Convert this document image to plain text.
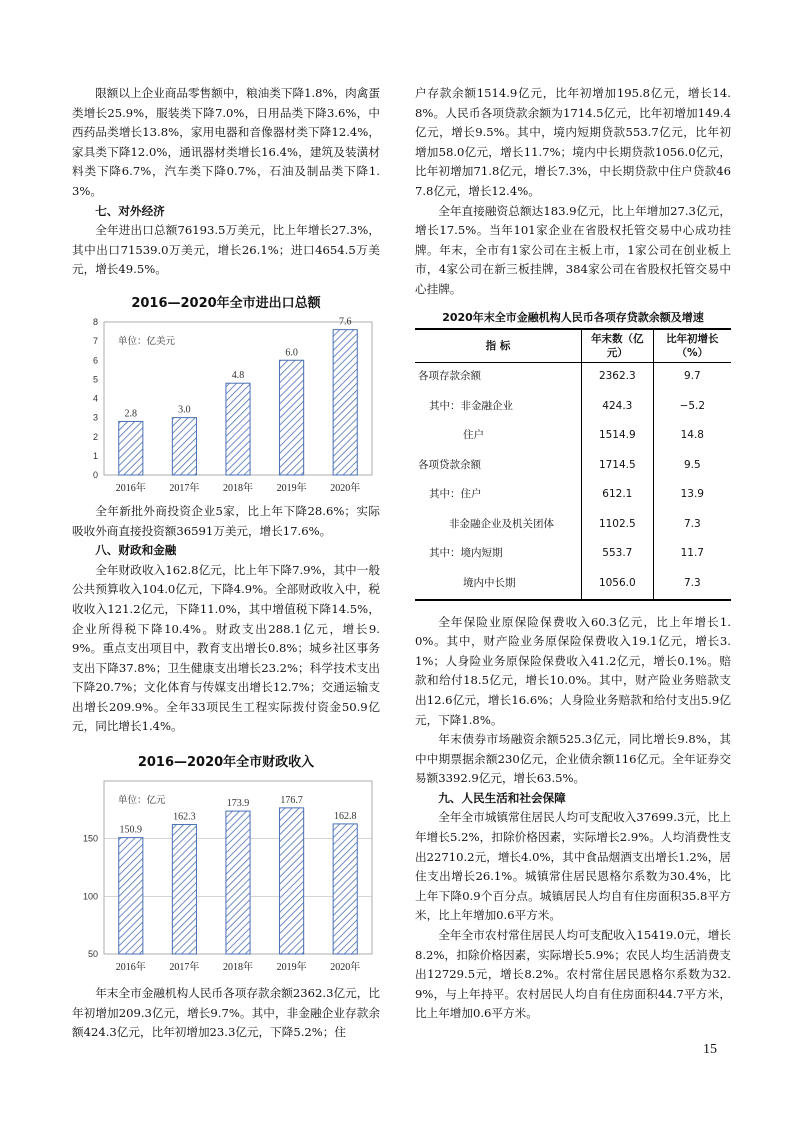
限额以上企业商品零售额中，粮油类下降1.8%，肉禽蛋类增长25.9%，服装类下降7.0%，日用品类下降3.6%，中西药品类增长13.8%，家用电器和音像器材类下降12.4%，家具类下降12.0%，通讯器材类增长16.4%，建筑及装潢材料类下降6.7%，汽车类下降0.7%，石油及制品类下降1.3%。

七、对外经济

全年进出口总额76193.5万美元，比上年增长27.3%，其中出口71539.0万美元，增长26.1%；进口4654.5万美元，增长49.5%。

2016—2020年全市进出口总额

0
1
2
3
4
5
6
7
8
单位：亿美元
2.8
2016年
3.0
2017年
4.8
2018年
6.0
2019年
7.6
2020年

全年新批外商投资企业5家，比上年下降28.6%；实际吸收外商直接投资额36591万美元，增长17.6%。

八、财政和金融

全年财政收入162.8亿元，比上年下降7.9%，其中一般公共预算收入104.0亿元，下降4.9%。全部财政收入中，税收收入121.2亿元，下降11.0%，其中增值税下降14.5%，企业所得税下降10.4%。财政支出288.1亿元，增长9.9%。重点支出项目中，教育支出增长0.8%；城乡社区事务支出下降37.8%；卫生健康支出增长23.2%；科学技术支出下降20.7%；文化体育与传媒支出增长12.7%；交通运输支出增长209.9%。全年33项民生工程实际拨付资金50.9亿元，同比增长1.4%。

2016—2020年全市财政收入

50
100
150
单位：亿元
150.9
2016年
162.3
2017年
173.9
2018年
176.7
2019年
162.8
2020年

年末全市金融机构人民币各项存款余额2362.3亿元，比年初增加209.3亿元，增长9.7%。其中，非金融企业存款余额424.3亿元，比年初增加23.3亿元，下降5.2%；住

户存款余额1514.9亿元，比年初增加195.8亿元，增长14.8%。人民币各项贷款余额为1714.5亿元，比年初增加149.4亿元，增长9.5%。其中，境内短期贷款553.7亿元，比年初增加58.0亿元，增长11.7%；境内中长期贷款1056.0亿元，比年初增加71.8亿元，增长7.3%，中长期贷款中住户贷款467.8亿元，增长12.4%。

全年直接融资总额达183.9亿元，比上年增加27.3亿元，增长17.5%。当年101家企业在省股权托管交易中心成功挂牌。年末，全市有1家公司在主板上市，1家公司在创业板上市，4家公司在新三板挂牌，384家公司在省股权托管交易中心挂牌。

2020年末全市金融机构人民币各项存贷款余额及增速

指 标	年末数（亿元）	比年初增长（%）
各项存款余额	2362.3	9.7
其中：非金融企业	424.3	−5.2
住户	1514.9	14.8
各项贷款余额	1714.5	9.5
其中：住户	612.1	13.9
非金融企业及机关团体	1102.5	7.3
其中：境内短期	553.7	11.7
境内中长期	1056.0	7.3

全年保险业原保险保费收入60.3亿元，比上年增长1.0%。其中，财产险业务原保险保费收入19.1亿元，增长3.1%；人身险业务原保险保费收入41.2亿元，增长0.1%。赔款和给付18.5亿元，增长10.0%。其中，财产险业务赔款支出12.6亿元，增长16.6%；人身险业务赔款和给付支出5.9亿元，下降1.8%。

年末债券市场融资余额525.3亿元，同比增长9.8%，其中中期票据余额230亿元，企业债余额116亿元。全年证券交易额3392.9亿元，增长63.5%。

九、人民生活和社会保障

全年全市城镇常住居民人均可支配收入37699.3元，比上年增长5.2%，扣除价格因素，实际增长2.9%。人均消费性支出22710.2元，增长4.0%，其中食品烟酒支出增长1.2%，居住支出增长26.1%。城镇常住居民恩格尔系数为30.4%，比上年下降0.9个百分点。城镇居民人均自有住房面积35.8平方米，比上年增加0.6平方米。

全年全市农村常住居民人均可支配收入15419.0元，增长8.2%，扣除价格因素，实际增长5.9%；农民人均生活消费支出12729.5元，增长8.2%。农村常住居民恩格尔系数为32.9%，与上年持平。农村居民人均自有住房面积44.7平方米，比上年增加0.6平方米。

15
